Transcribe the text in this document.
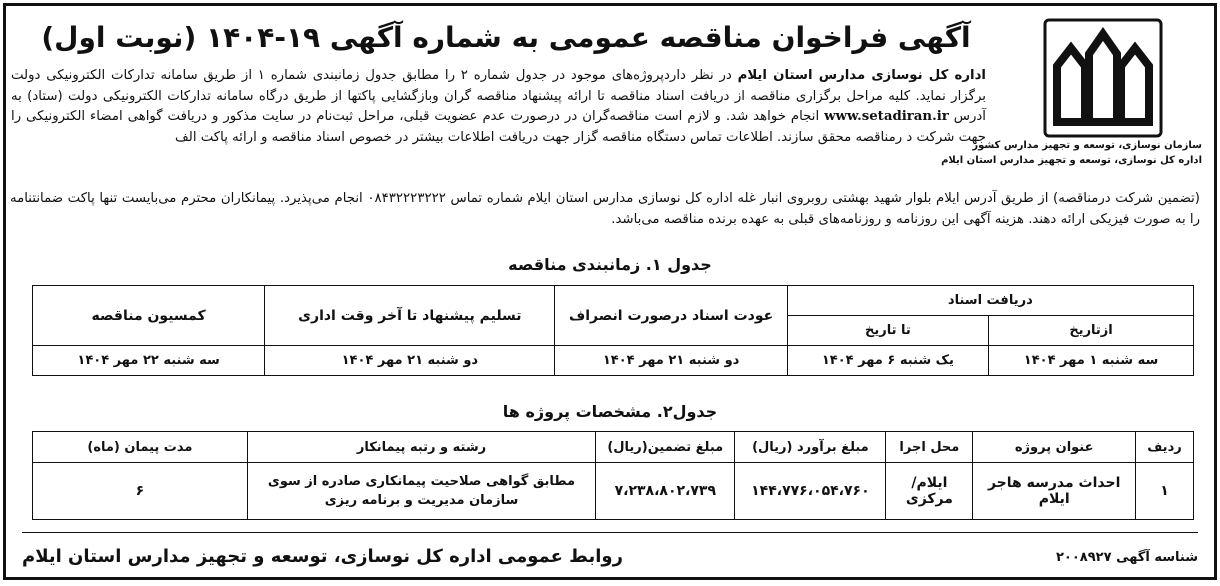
سازمان نوسازی، توسعه و تجهیز مدارس کشور
اداره کل نوسازی، توسعه و تجهیز مدارس استان ایلام
آگهی فراخوان مناقصه عمومی به شماره آگهی ۱۹-۱۴۰۴ (نوبت اول)
اداره کل نوسازی مدارس استان ایلام در نظر دارد‌پروژه‌های موجود در جدول شماره ۲ را مطابق جدول زمانبندی شماره ۱ از طریق سامانه تدارکات الکترونیکی دولت برگزار نماید. کلیه مراحل برگزاری مناقصه از دریافت اسناد مناقصه تا ارائه پیشنهاد مناقصه گران وبازگشایی پاکتها از طریق درگاه سامانه تدارکات الکترونیکی دولت (ستاد) به آدرس www.setadiran.ir انجام خواهد شد. و لازم است مناقصه‌گران در درصورت عدم عضویت قبلی، مراحل ثبت‌نام در سایت مذکور و دریافت گواهی امضاء الکترونیکی را جهت شرکت د رمناقصه محقق سازند. اطلاعات تماس دستگاه مناقصه گزار جهت دریافت اطلاعات بیشتر در خصوص اسناد مناقصه و ارائه پاکت الف
(تضمین شرکت درمناقصه) از طریق آدرس ایلام بلوار شهید بهشتی روبروی انبار غله اداره کل نوسازی مدارس استان ایلام شماره تماس ۰۸۴۳۲۲۲۳۲۲۲ انجام می‌پذیرد. پیمانکاران محترم می‌بایست تنها پاکت ضمانتنامه را به صورت فیزیکی ارائه دهند. هزینه آگهی این روزنامه و روزنامه‌های قبلی به عهده برنده مناقصه می‌باشد.
جدول ۱. زمانبندی مناقصه
دریافت اسناد		عودت اسناد درصورت انصراف	تسلیم پیشنهاد تا آخر وقت اداری	کمسیون مناقصه
ازتاریخ	تا تاریخ			
سه شنبه ۱ مهر ۱۴۰۴	یک شنبه ۶ مهر ۱۴۰۴	دو شنبه ۲۱ مهر ۱۴۰۴	دو شنبه ۲۱ مهر ۱۴۰۴	سه شنبه ۲۲ مهر ۱۴۰۴
جدول۲. مشخصات پروژه ها
ردیف	عنوان پروژه	محل اجرا	مبلغ برآورد (ریال)	مبلغ تضمین(ریال)	رشته و رتبه پیمانکار	مدت پیمان (ماه)
۱	احداث مدرسه هاجر ایلام	ایلام/مرکزی	۱۴۴،۷۷۶،۰۵۴،۷۶۰	۷،۲۳۸،۸۰۲،۷۳۹	مطابق گواهی صلاحیت پیمانکاری صادره از سوی سازمان مدیریت و برنامه ریزی	۶
شناسه آگهی ۲۰۰۸۹۲۷
روابط عمومی اداره کل نوسازی، توسعه و تجهیز مدارس استان ایلام
